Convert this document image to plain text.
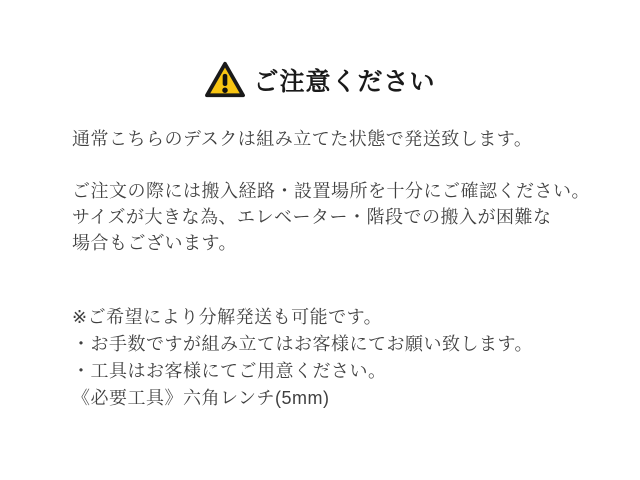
ご注意ください
通常こちらのデスクは組み立てた状態で発送致します。
ご注文の際には搬入経路・設置場所を十分にご確認ください。
サイズが大きな為、エレベーター・階段での搬入が困難な
場合もございます。
※ご希望により分解発送も可能です。
・お手数ですが組み立てはお客様にてお願い致します。
・工具はお客様にてご用意ください。
《必要工具》六角レンチ(5mm)
